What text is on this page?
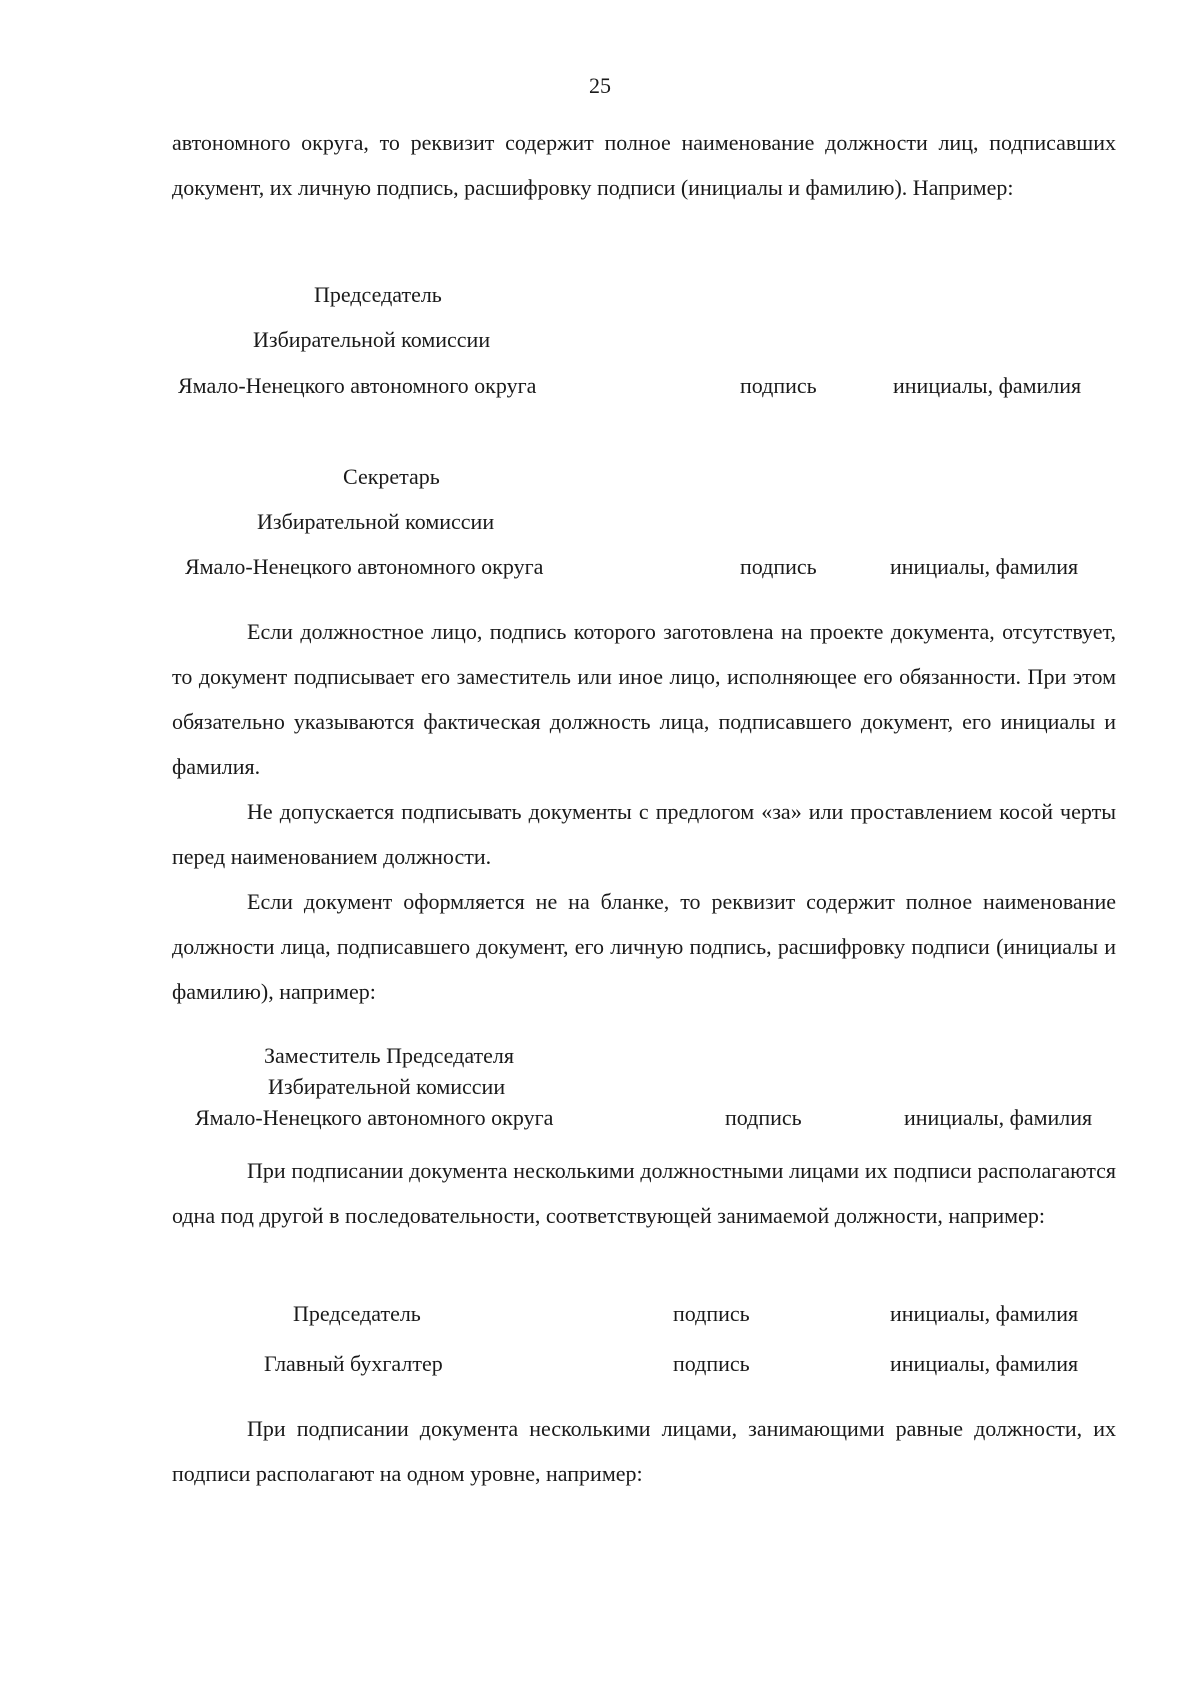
25

автономного округа, то реквизит содержит полное наименование должности лиц, подписавших документ, их личную подпись, расшифровку подписи (инициалы и фамилию). Например:

Председатель
Избирательной комиссии
Ямало-Ненецкого автономного округа	подпись	инициалы, фамилия
Секретарь
Избирательной комиссии
Ямало-Ненецкого автономного округа	подпись	инициалы, фамилия

Если должностное лицо, подпись которого заготовлена на проекте документа, отсутствует, то документ подписывает его заместитель или иное лицо, исполняющее его обязанности. При этом обязательно указываются фактическая должность лица, подписавшего документ, его инициалы и фамилия.

Не допускается подписывать документы с предлогом «за» или проставлением косой черты перед наименованием должности.

Если документ оформляется не на бланке, то реквизит содержит полное наименование должности лица, подписавшего документ, его личную подпись, расшифровку подписи (инициалы и фамилию), например:

Заместитель Председателя
Избирательной комиссии
Ямало-Ненецкого автономного округа	подпись	инициалы, фамилия

При подписании документа несколькими должностными лицами их подписи располагаются одна под другой в последовательности, соответствующей занимаемой должности, например:

Председатель	подпись	инициалы, фамилия
Главный бухгалтер	подпись	инициалы, фамилия

При подписании документа несколькими лицами, занимающими равные должности, их подписи располагают на одном уровне, например:
